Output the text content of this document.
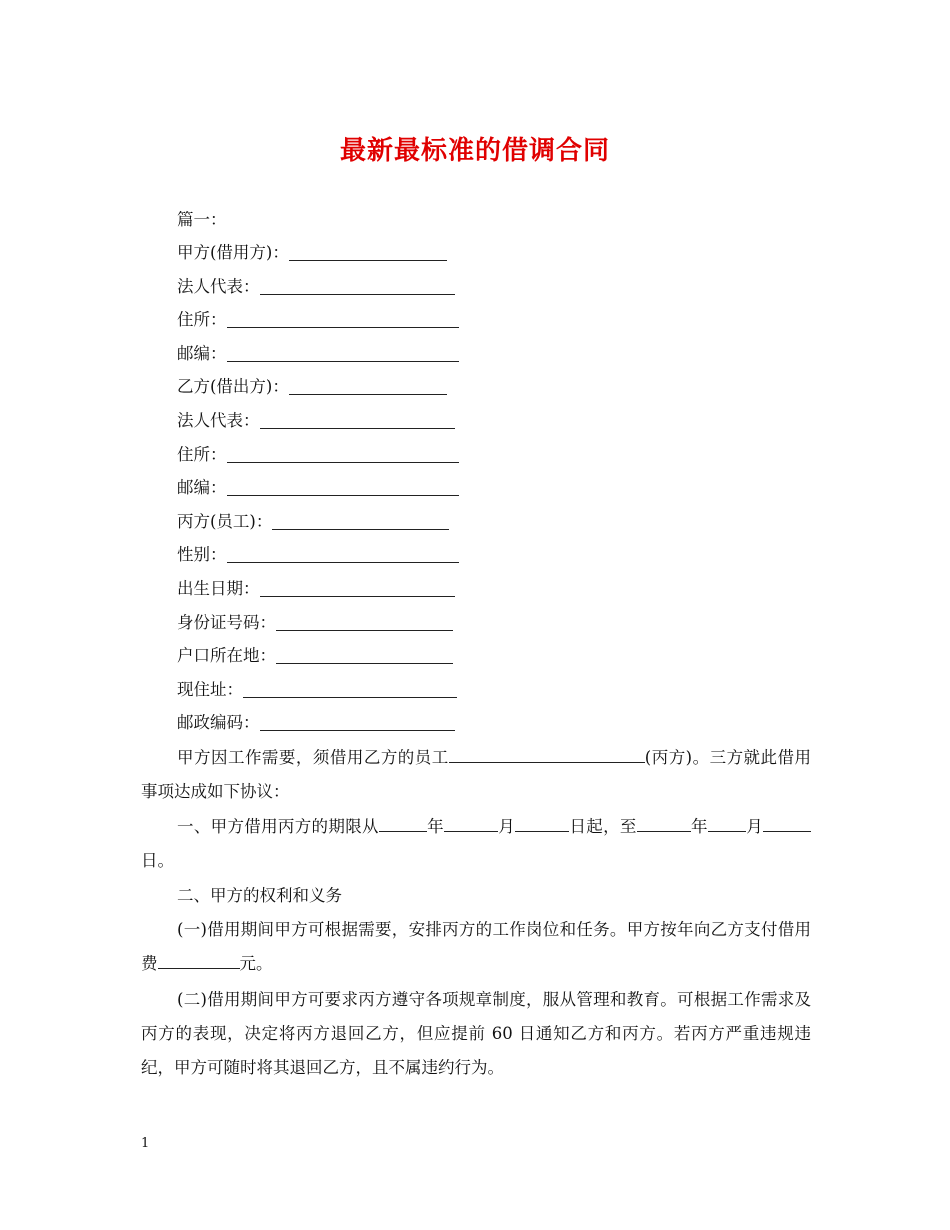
最新最标准的借调合同
篇一：
甲方(借用方)：
法人代表：
住所：
邮编：
乙方(借出方)：
法人代表：
住所：
邮编：
丙方(员工)：
性别：
出生日期：
身份证号码：
户口所在地：
现住址：
邮政编码：
甲方因工作需要，须借用乙方的员工	(丙方)。三方就此借用事项达成如下协议：
一、甲方借用丙方的期限从	年	月	日起，至	年 月日。
二、甲方的权利和义务
(一)借用期间甲方可根据需要，安排丙方的工作岗位和任务。甲方按年向乙方支付借用费	元。
(二)借用期间甲方可要求丙方遵守各项规章制度，服从管理和教育。可根据工作需求及丙方的表现，决定将丙方退回乙方，但应提前 60 日通知乙方和丙方。若丙方严重违规违纪，甲方可随时将其退回乙方，且不属违约行为。
1
